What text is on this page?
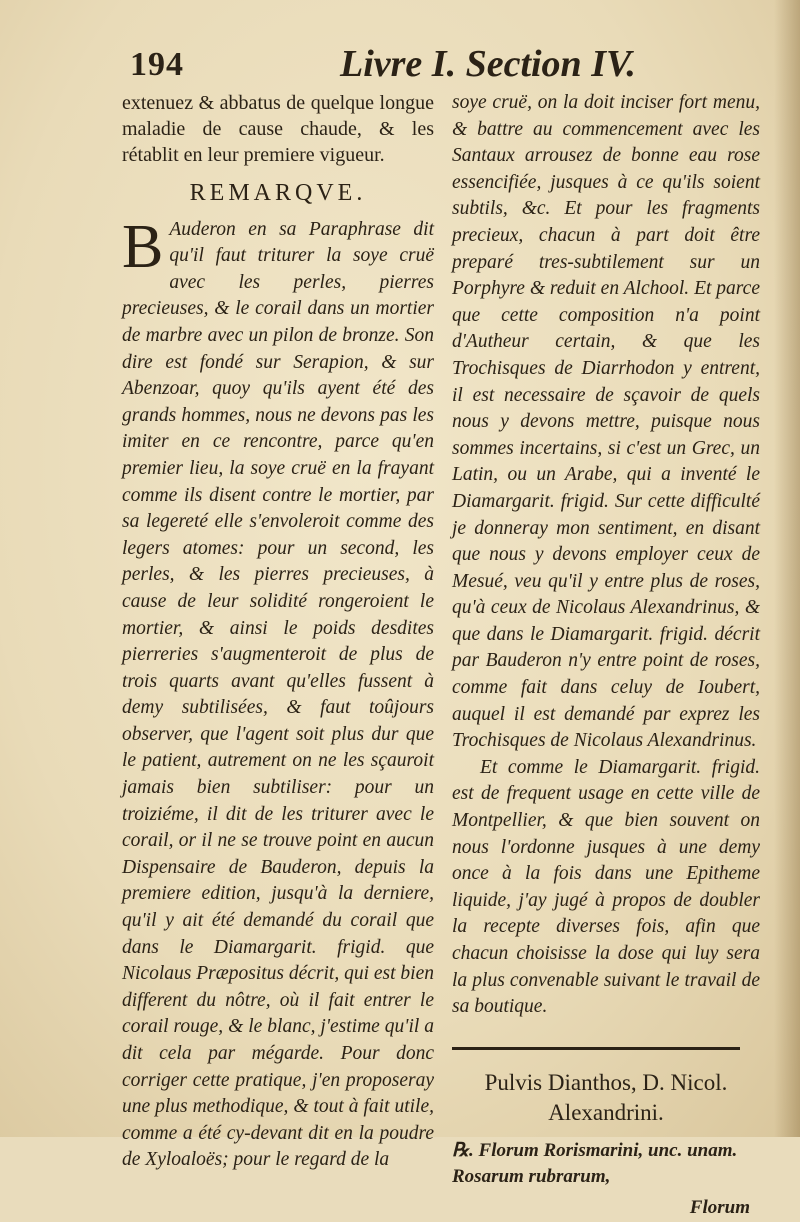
194	Livre I. Section IV.

extenuez & abbatus de quelque longue maladie de cause chaude, & les rétablit en leur premiere vigueur.

REMARQVE.

B Auderon en sa Paraphrase dit qu'il faut triturer la soye cruë avec les perles, pierres precieuses, & le corail dans un mortier de marbre avec un pilon de bronze. Son dire est fondé sur Serapion, & sur Abenzoar, quoy qu'ils ayent été des grands hommes, nous ne devons pas les imiter en ce rencontre, parce qu'en premier lieu, la soye cruë en la frayant comme ils disent contre le mortier, par sa legereté elle s'envoleroit comme des legers atomes: pour un second, les perles, & les pierres precieuses, à cause de leur solidité rongeroient le mortier, & ainsi le poids desdites pierreries s'augmenteroit de plus de trois quarts avant qu'elles fussent à demy subtilisées, & faut toûjours observer, que l'agent soit plus dur que le patient, autrement on ne les sçauroit jamais bien subtiliser: pour un troiziéme, il dit de les triturer avec le corail, or il ne se trouve point en aucun Dispensaire de Bauderon, depuis la premiere edition, jusqu'à la derniere, qu'il y ait été demandé du corail que dans le Diamargarit. frigid. que Nicolaus Præpositus décrit, qui est bien different du nôtre, où il fait entrer le corail rouge, & le blanc, j'estime qu'il a dit cela par mégarde. Pour donc corriger cette pratique, j'en proposeray une plus methodique, & tout à fait utile, comme a été cy-devant dit en la poudre de Xyloaloës; pour le regard de la

soye cruë, on la doit inciser fort menu, & battre au commencement avec les Santaux arrousez de bonne eau rose essencifiée, jusques à ce qu'ils soient subtils, &c. Et pour les fragments precieux, chacun à part doit être preparé tres-subtilement sur un Porphyre & reduit en Alchool. Et parce que cette composition n'a point d'Autheur certain, & que les Trochisques de Diarrhodon y entrent, il est necessaire de sçavoir de quels nous y devons mettre, puisque nous sommes incertains, si c'est un Grec, un Latin, ou un Arabe, qui a inventé le Diamargarit. frigid. Sur cette difficulté je donneray mon sentiment, en disant que nous y devons employer ceux de Mesué, veu qu'il y entre plus de roses, qu'à ceux de Nicolaus Alexandrinus, & que dans le Diamargarit. frigid. décrit par Bauderon n'y entre point de roses, comme fait dans celuy de Ioubert, auquel il est demandé par exprez les Trochisques de Nicolaus Alexandrinus.

Et comme le Diamargarit. frigid. est de frequent usage en cette ville de Montpellier, & que bien souvent on nous l'ordonne jusques à une demy once à la fois dans une Epitheme liquide, j'ay jugé à propos de doubler la recepte diverses fois, afin que chacun choisisse la dose qui luy sera la plus convenable suivant le travail de sa boutique.

Pulvis Dianthos, D. Nicol.
Alexandrini.
℞. Florum Rorismarini, unc. unam.
Rosarum rubrarum,
Florum
